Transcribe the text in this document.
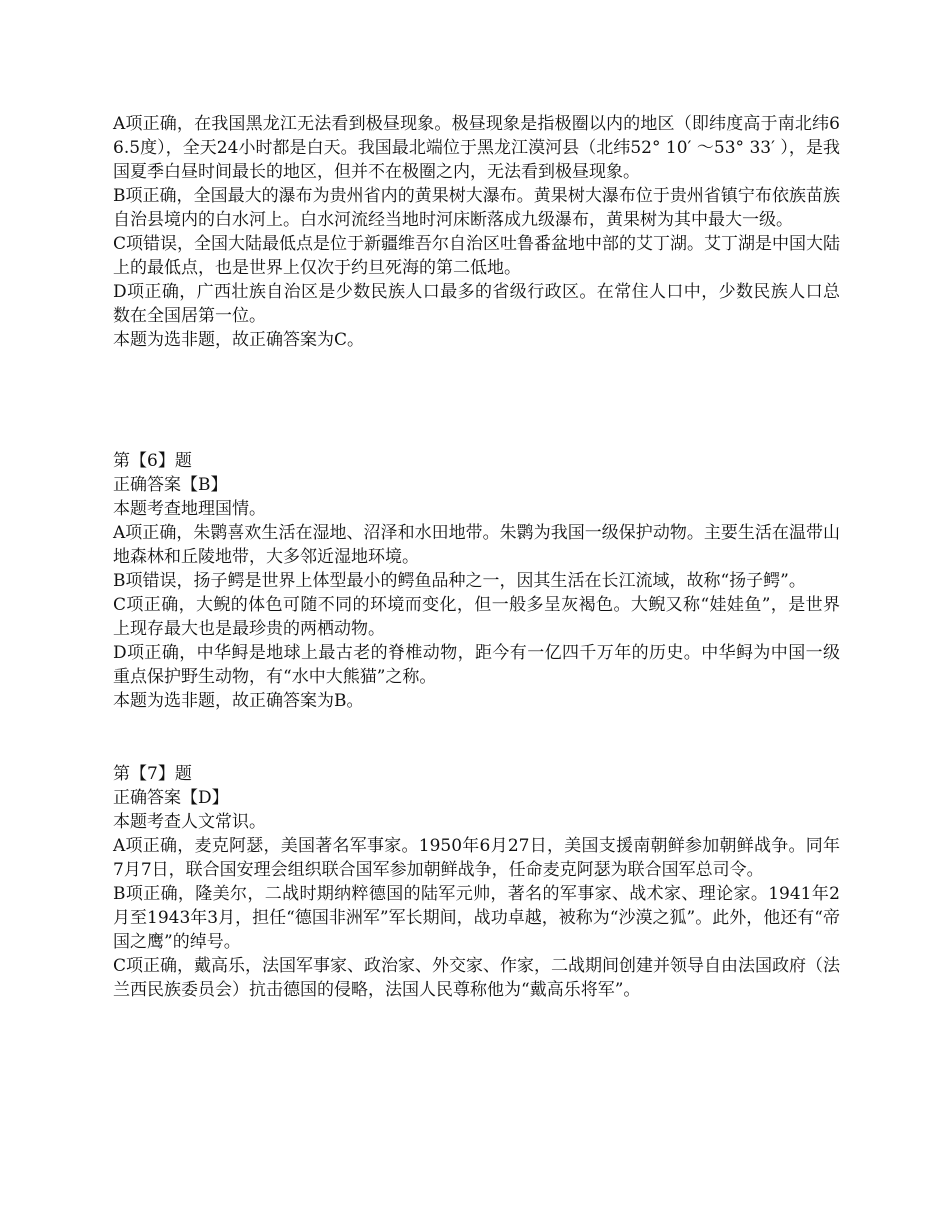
A项正确，在我国黑龙江无法看到极昼现象。极昼现象是指极圈以内的地区（即纬度高于南北纬66.5度），全天24小时都是白天。我国最北端位于黑龙江漠河县（北纬52° 10′ ～53° 33′ ），是我国夏季白昼时间最长的地区，但并不在极圈之内，无法看到极昼现象。

B项正确，全国最大的瀑布为贵州省内的黄果树大瀑布。黄果树大瀑布位于贵州省镇宁布依族苗族自治县境内的白水河上。白水河流经当地时河床断落成九级瀑布，黄果树为其中最大一级。

C项错误，全国大陆最低点是位于新疆维吾尔自治区吐鲁番盆地中部的艾丁湖。艾丁湖是中国大陆上的最低点，也是世界上仅次于约旦死海的第二低地。

D项正确，广西壮族自治区是少数民族人口最多的省级行政区。在常住人口中，少数民族人口总数在全国居第一位。

本题为选非题，故正确答案为C。

第【6】题

正确答案【B】

本题考查地理国情。

A项正确，朱鹮喜欢生活在湿地、沼泽和水田地带。朱鹮为我国一级保护动物。主要生活在温带山地森林和丘陵地带，大多邻近湿地环境。

B项错误，扬子鳄是世界上体型最小的鳄鱼品种之一，因其生活在长江流域，故称“扬子鳄”。

C项正确，大鲵的体色可随不同的环境而变化，但一般多呈灰褐色。大鲵又称“娃娃鱼”，是世界上现存最大也是最珍贵的两栖动物。

D项正确，中华鲟是地球上最古老的脊椎动物，距今有一亿四千万年的历史。中华鲟为中国一级重点保护野生动物，有“水中大熊猫”之称。

本题为选非题，故正确答案为B。

第【7】题

正确答案【D】

本题考查人文常识。

A项正确，麦克阿瑟，美国著名军事家。1950年6月27日，美国支援南朝鲜参加朝鲜战争。同年7月7日，联合国安理会组织联合国军参加朝鲜战争，任命麦克阿瑟为联合国军总司令。

B项正确，隆美尔，二战时期纳粹德国的陆军元帅，著名的军事家、战术家、理论家。1941年2月至1943年3月，担任“德国非洲军”军长期间，战功卓越，被称为“沙漠之狐”。此外，他还有“帝国之鹰”的绰号。

C项正确，戴高乐，法国军事家、政治家、外交家、作家，二战期间创建并领导自由法国政府（法兰西民族委员会）抗击德国的侵略，法国人民尊称他为“戴高乐将军”。
